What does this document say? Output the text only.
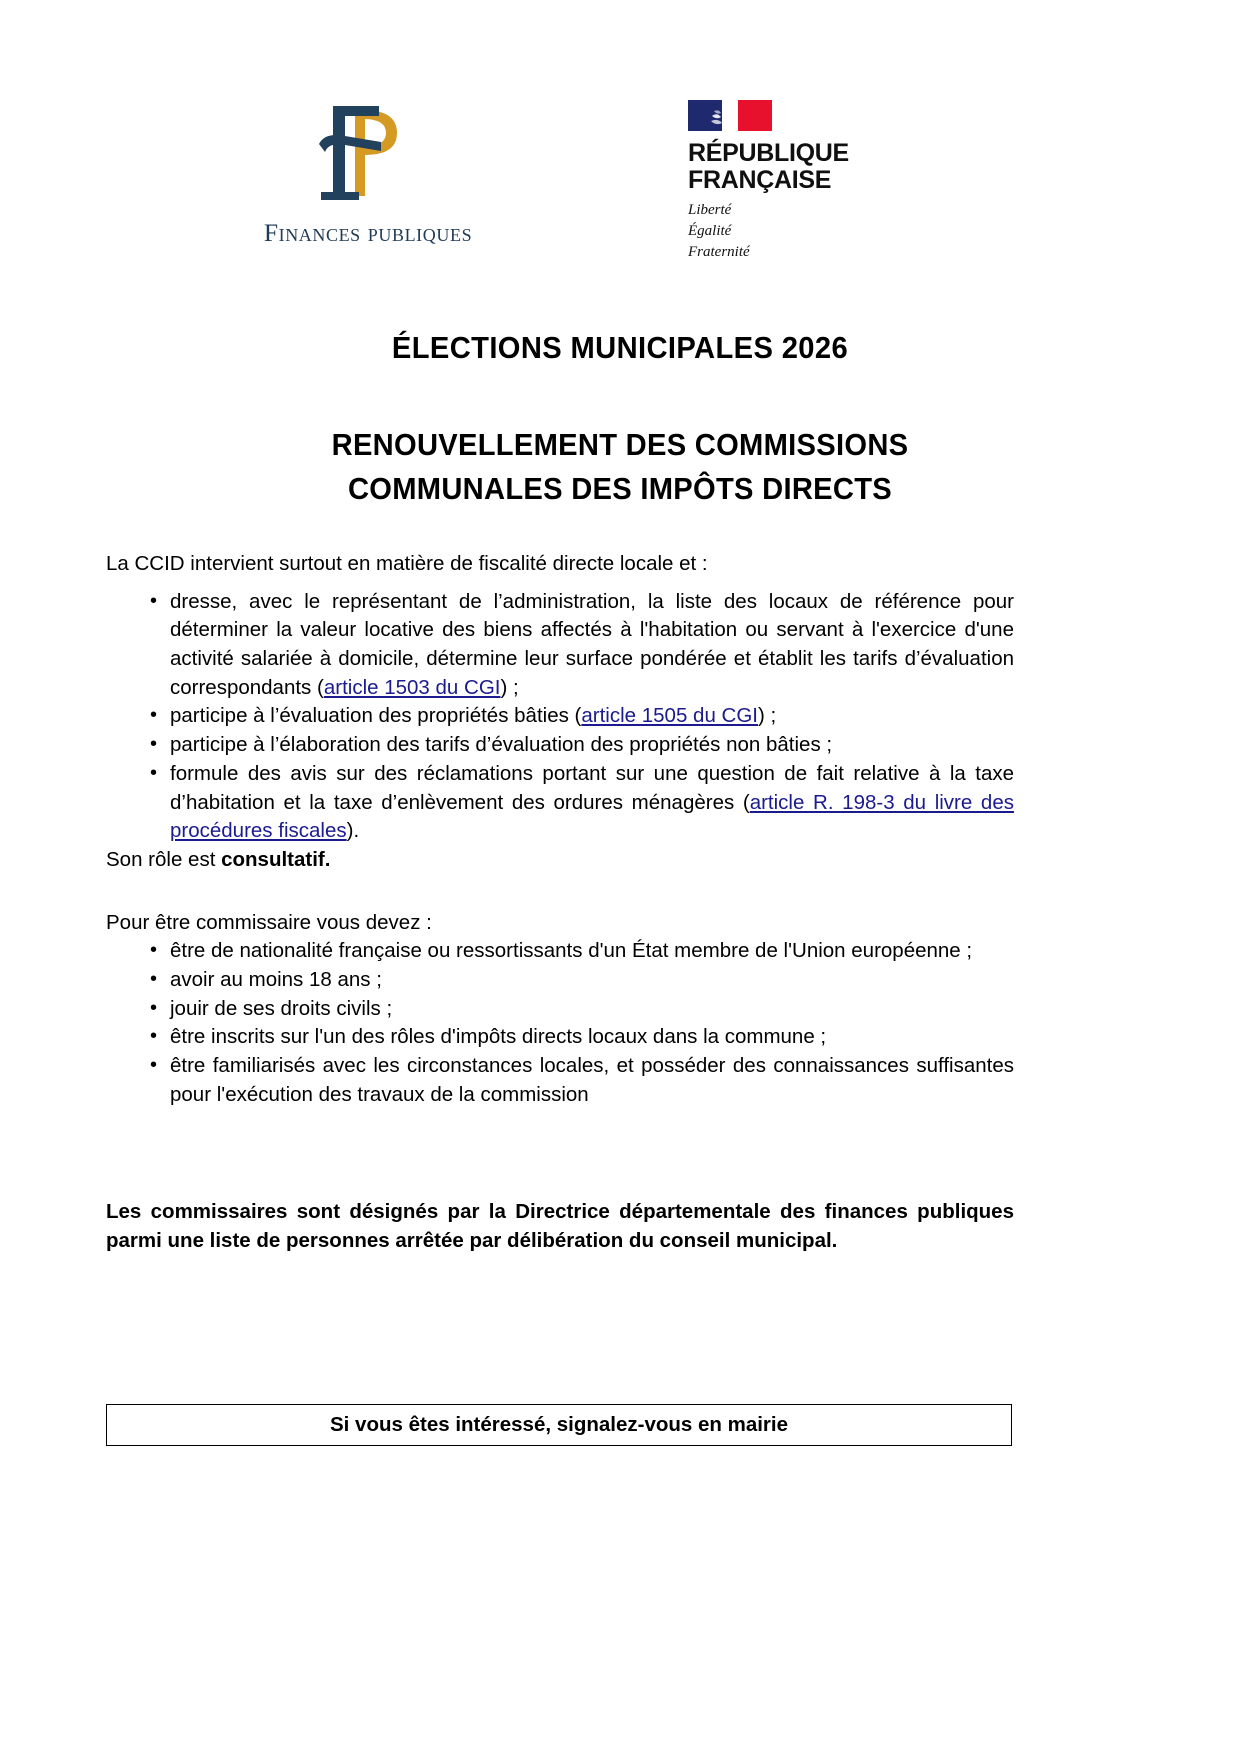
Finances publiques
RÉPUBLIQUE
FRANÇAISE
Liberté
Égalité
Fraternité
ÉLECTIONS MUNICIPALES 2026
RENOUVELLEMENT DES COMMISSIONS
COMMUNALES DES IMPÔTS DIRECTS

La CCID intervient surtout en matière de fiscalité directe locale et :

• dresse, avec le représentant de l’administration, la liste des locaux de référence pour déterminer la valeur locative des biens affectés à l'habitation ou servant à l'exercice d'une activité salariée à domicile, détermine leur surface pondérée et établit les tarifs d’évaluation correspondants (article 1503 du CGI) ;
• participe à l’évaluation des propriétés bâties (article 1505 du CGI) ;
• participe à l’élaboration des tarifs d’évaluation des propriétés non bâties ;
• formule des avis sur des réclamations portant sur une question de fait relative à la taxe d’habitation et la taxe d’enlèvement des ordures ménagères (article R. 198-3 du livre des procédures fiscales).

Son rôle est consultatif.

Pour être commissaire vous devez :

• être de nationalité française ou ressortissants d'un État membre de l'Union européenne ;
• avoir au moins 18 ans ;
• jouir de ses droits civils ;
• être inscrits sur l'un des rôles d'impôts directs locaux dans la commune ;
• être familiarisés avec les circonstances locales, et posséder des connaissances suffisantes pour l'exécution des travaux de la commission

Les commissaires sont désignés par la Directrice départementale des finances publiques parmi une liste de personnes arrêtée par délibération du conseil municipal.

Si vous êtes intéressé, signalez-vous en mairie
